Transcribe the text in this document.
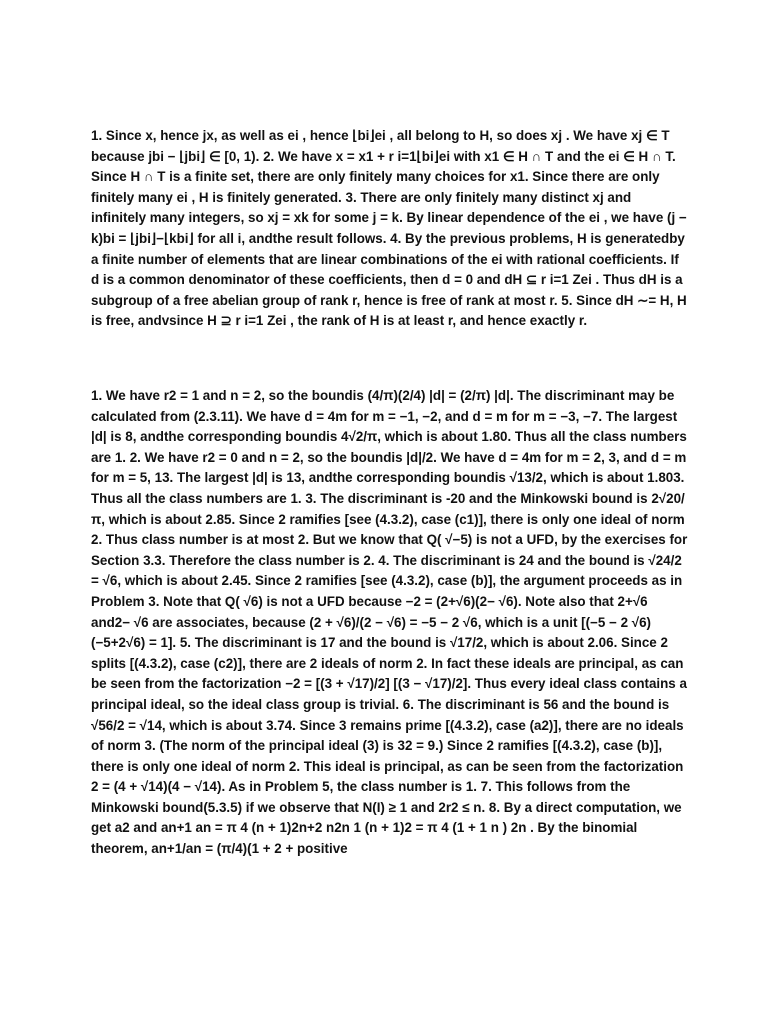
1. Since x, hence jx, as well as ei , hence ⌊bi⌋ei , all belong to H, so does xj . We have xj ∈ T because jbi − ⌊jbi⌋ ∈ [0, 1). 2. We have x = x1 + r i=1⌊bi⌋ei with x1 ∈ H ∩ T and the ei ∈ H ∩ T. Since H ∩ T is a finite set, there are only finitely many choices for x1. Since there are only finitely many ei , H is finitely generated. 3. There are only finitely many distinct xj and infinitely many integers, so xj = xk for some j = k. By linear dependence of the ei , we have (j − k)bi = ⌊jbi⌋−⌊kbi⌋ for all i, andthe result follows. 4. By the previous problems, H is generatedby a finite number of elements that are linear combinations of the ei with rational coefficients. If d is a common denominator of these coefficients, then d = 0 and dH ⊆ r i=1 Zei . Thus dH is a subgroup of a free abelian group of rank r, hence is free of rank at most r. 5. Since dH ∼= H, H is free, andvsince H ⊇ r i=1 Zei , the rank of H is at least r, and hence exactly r.

1. We have r2 = 1 and n = 2, so the boundis (4/π)(2/4) |d| = (2/π) |d|. The discriminant may be calculated from (2.3.11). We have d = 4m for m = −1, −2, and d = m for m = −3, −7. The largest |d| is 8, andthe corresponding boundis 4√2/π, which is about 1.80. Thus all the class numbers are 1. 2. We have r2 = 0 and n = 2, so the boundis |d|/2. We have d = 4m for m = 2, 3, and d = m for m = 5, 13. The largest |d| is 13, andthe corresponding boundis √13/2, which is about 1.803. Thus all the class numbers are 1. 3. The discriminant is -20 and the Minkowski bound is 2√20/π, which is about 2.85. Since 2 ramifies [see (4.3.2), case (c1)], there is only one ideal of norm 2. Thus class number is at most 2. But we know that Q( √−5) is not a UFD, by the exercises for Section 3.3. Therefore the class number is 2. 4. The discriminant is 24 and the bound is √24/2 = √6, which is about 2.45. Since 2 ramifies [see (4.3.2), case (b)], the argument proceeds as in Problem 3. Note that Q( √6) is not a UFD because −2 = (2+√6)(2− √6). Note also that 2+√6 and2− √6 are associates, because (2 + √6)/(2 − √6) = −5 − 2 √6, which is a unit [(−5 − 2 √6)(−5+2√6) = 1]. 5. The discriminant is 17 and the bound is √17/2, which is about 2.06. Since 2 splits [(4.3.2), case (c2)], there are 2 ideals of norm 2. In fact these ideals are principal, as can be seen from the factorization −2 = [(3 + √17)/2] [(3 − √17)/2]. Thus every ideal class contains a principal ideal, so the ideal class group is trivial. 6. The discriminant is 56 and the bound is √56/2 = √14, which is about 3.74. Since 3 remains prime [(4.3.2), case (a2)], there are no ideals of norm 3. (The norm of the principal ideal (3) is 32 = 9.) Since 2 ramifies [(4.3.2), case (b)], there is only one ideal of norm 2. This ideal is principal, as can be seen from the factorization 2 = (4 + √14)(4 − √14). As in Problem 5, the class number is 1. 7. This follows from the Minkowski bound(5.3.5) if we observe that N(I) ≥ 1 and 2r2 ≤ n. 8. By a direct computation, we get a2 and an+1 an = π 4 (n + 1)2n+2 n2n 1 (n + 1)2 = π 4 (1 + 1 n ) 2n . By the binomial theorem, an+1/an = (π/4)(1 + 2 + positive
